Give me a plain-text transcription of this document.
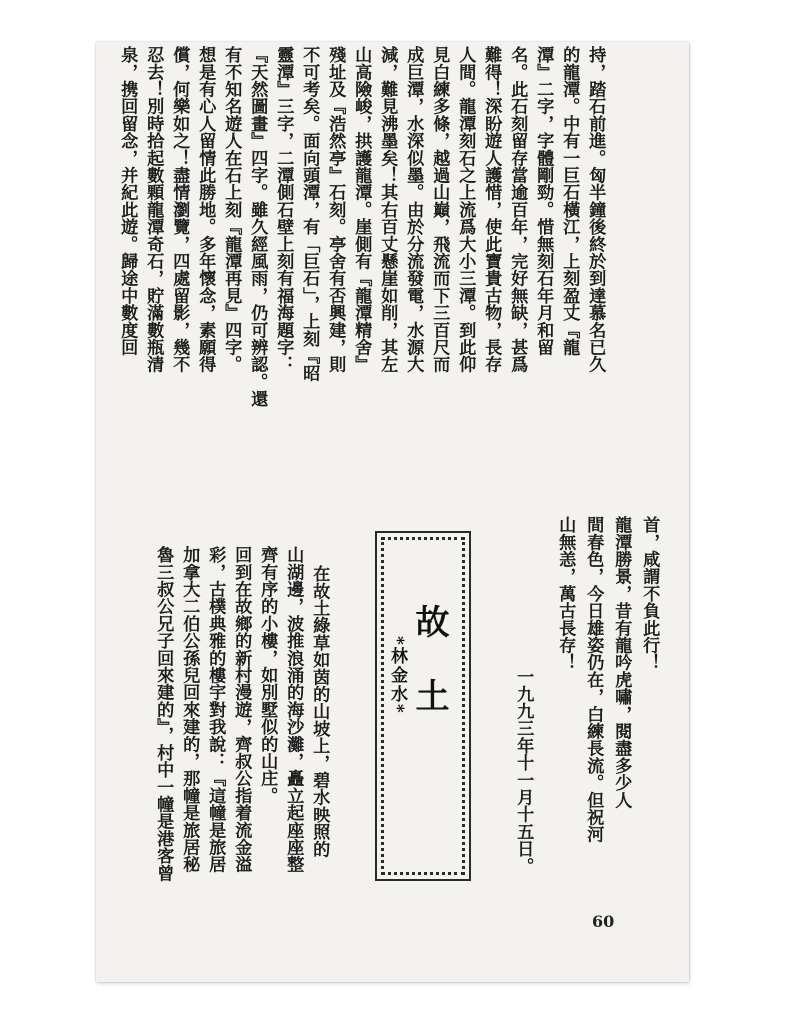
持，踏石前進。匈半鐘後終於到達慕名已久
的龍潭。中有一巨石橫江，上刻盈丈『龍
潭』二字，字體剛勁。惜無刻石年月和留
名。此石刻留存當逾百年，完好無缺，甚爲
難得！深盼遊人護惜，使此寶貴古物，長存
人間。龍潭刻石之上流爲大小三潭。到此仰
見白練多條，越過山巔，飛流而下三百尺而
成巨潭，水深似墨。由於分流發電，水源大
減，難見沸墨矣！其右百丈懸崖如削，其左
山高險峻，拱護龍潭。崖側有『龍潭精舍』
殘址及『浩然亭』石刻。亭舍有否興建，則
不可考矣。面向頭潭，有「巨石」，上刻『昭
靈潭』三字，二潭側石壁上刻有福海題字：
『天然圖畫』四字。雖久經風雨，仍可辨認。還
有不知名遊人在石上刻『龍潭再見』四字。
想是有心人留情此勝地。多年懷念，素願得
償，何樂如之！盡情瀏覽，四處留影，幾不
忍去！別時拾起數顆龍潭奇石，貯滿數瓶清
泉，携回留念，并紀此遊。歸途中數度回
首，咸謂不負此行！
龍潭勝景，昔有龍吟虎嘯，閱盡多少人
間春色，今日雄姿仍在，白練長流。但祝河
山無恙，萬古長存！
一九九三年十一月十五日。
故土
*林金水*
在故土綠草如茵的山坡上，碧水映照的
山湖邊，波推浪涌的海沙灘，矗立起座座整
齊有序的小樓，如別墅似的山庄。
回到在故鄉的新村漫遊，齊叔公指着流金溢
彩，古樸典雅的樓宇對我說：『這幢是旅居
加拿大二伯公孫兒回來建的，那幢是旅居秘
魯三叔公兄子回來建的』，村中一幢是港客曾
60
